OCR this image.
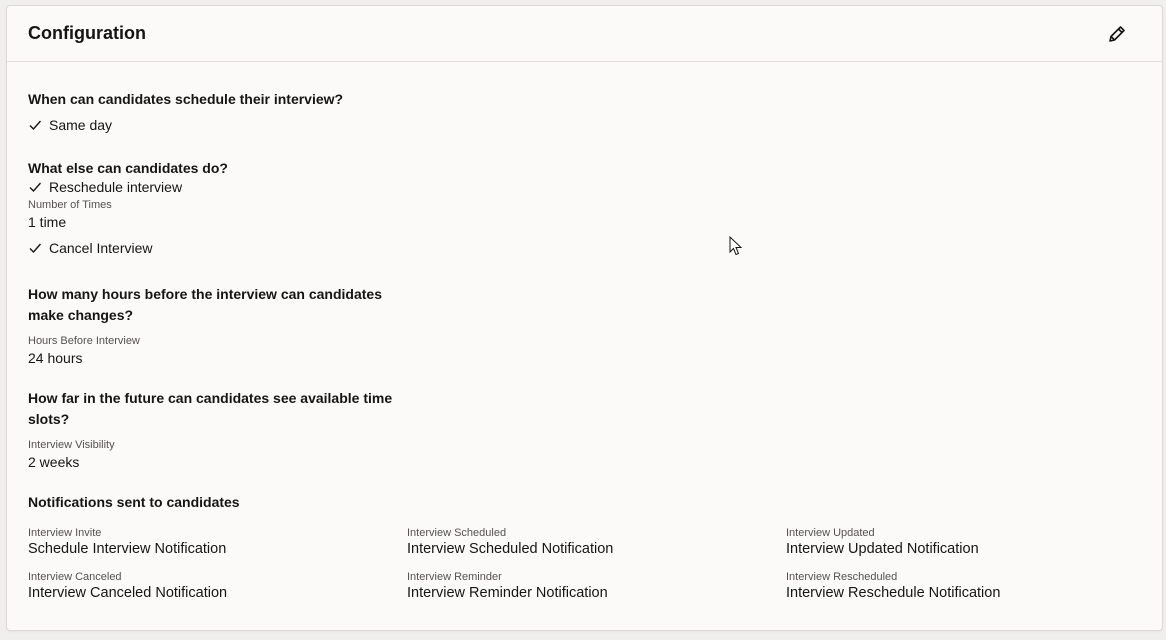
Configuration

When can candidates schedule their interview?

Same day

What else can candidates do?

Reschedule interview
Number of Times
1 time
Cancel Interview

How many hours before the interview can candidates make changes?

Hours Before Interview
24 hours

How far in the future can candidates see available time slots?

Interview Visibility
2 weeks

Notifications sent to candidates

Interview Invite
Schedule Interview Notification
Interview Scheduled
Interview Scheduled Notification
Interview Updated
Interview Updated Notification
Interview Canceled
Interview Canceled Notification
Interview Reminder
Interview Reminder Notification
Interview Rescheduled
Interview Reschedule Notification
